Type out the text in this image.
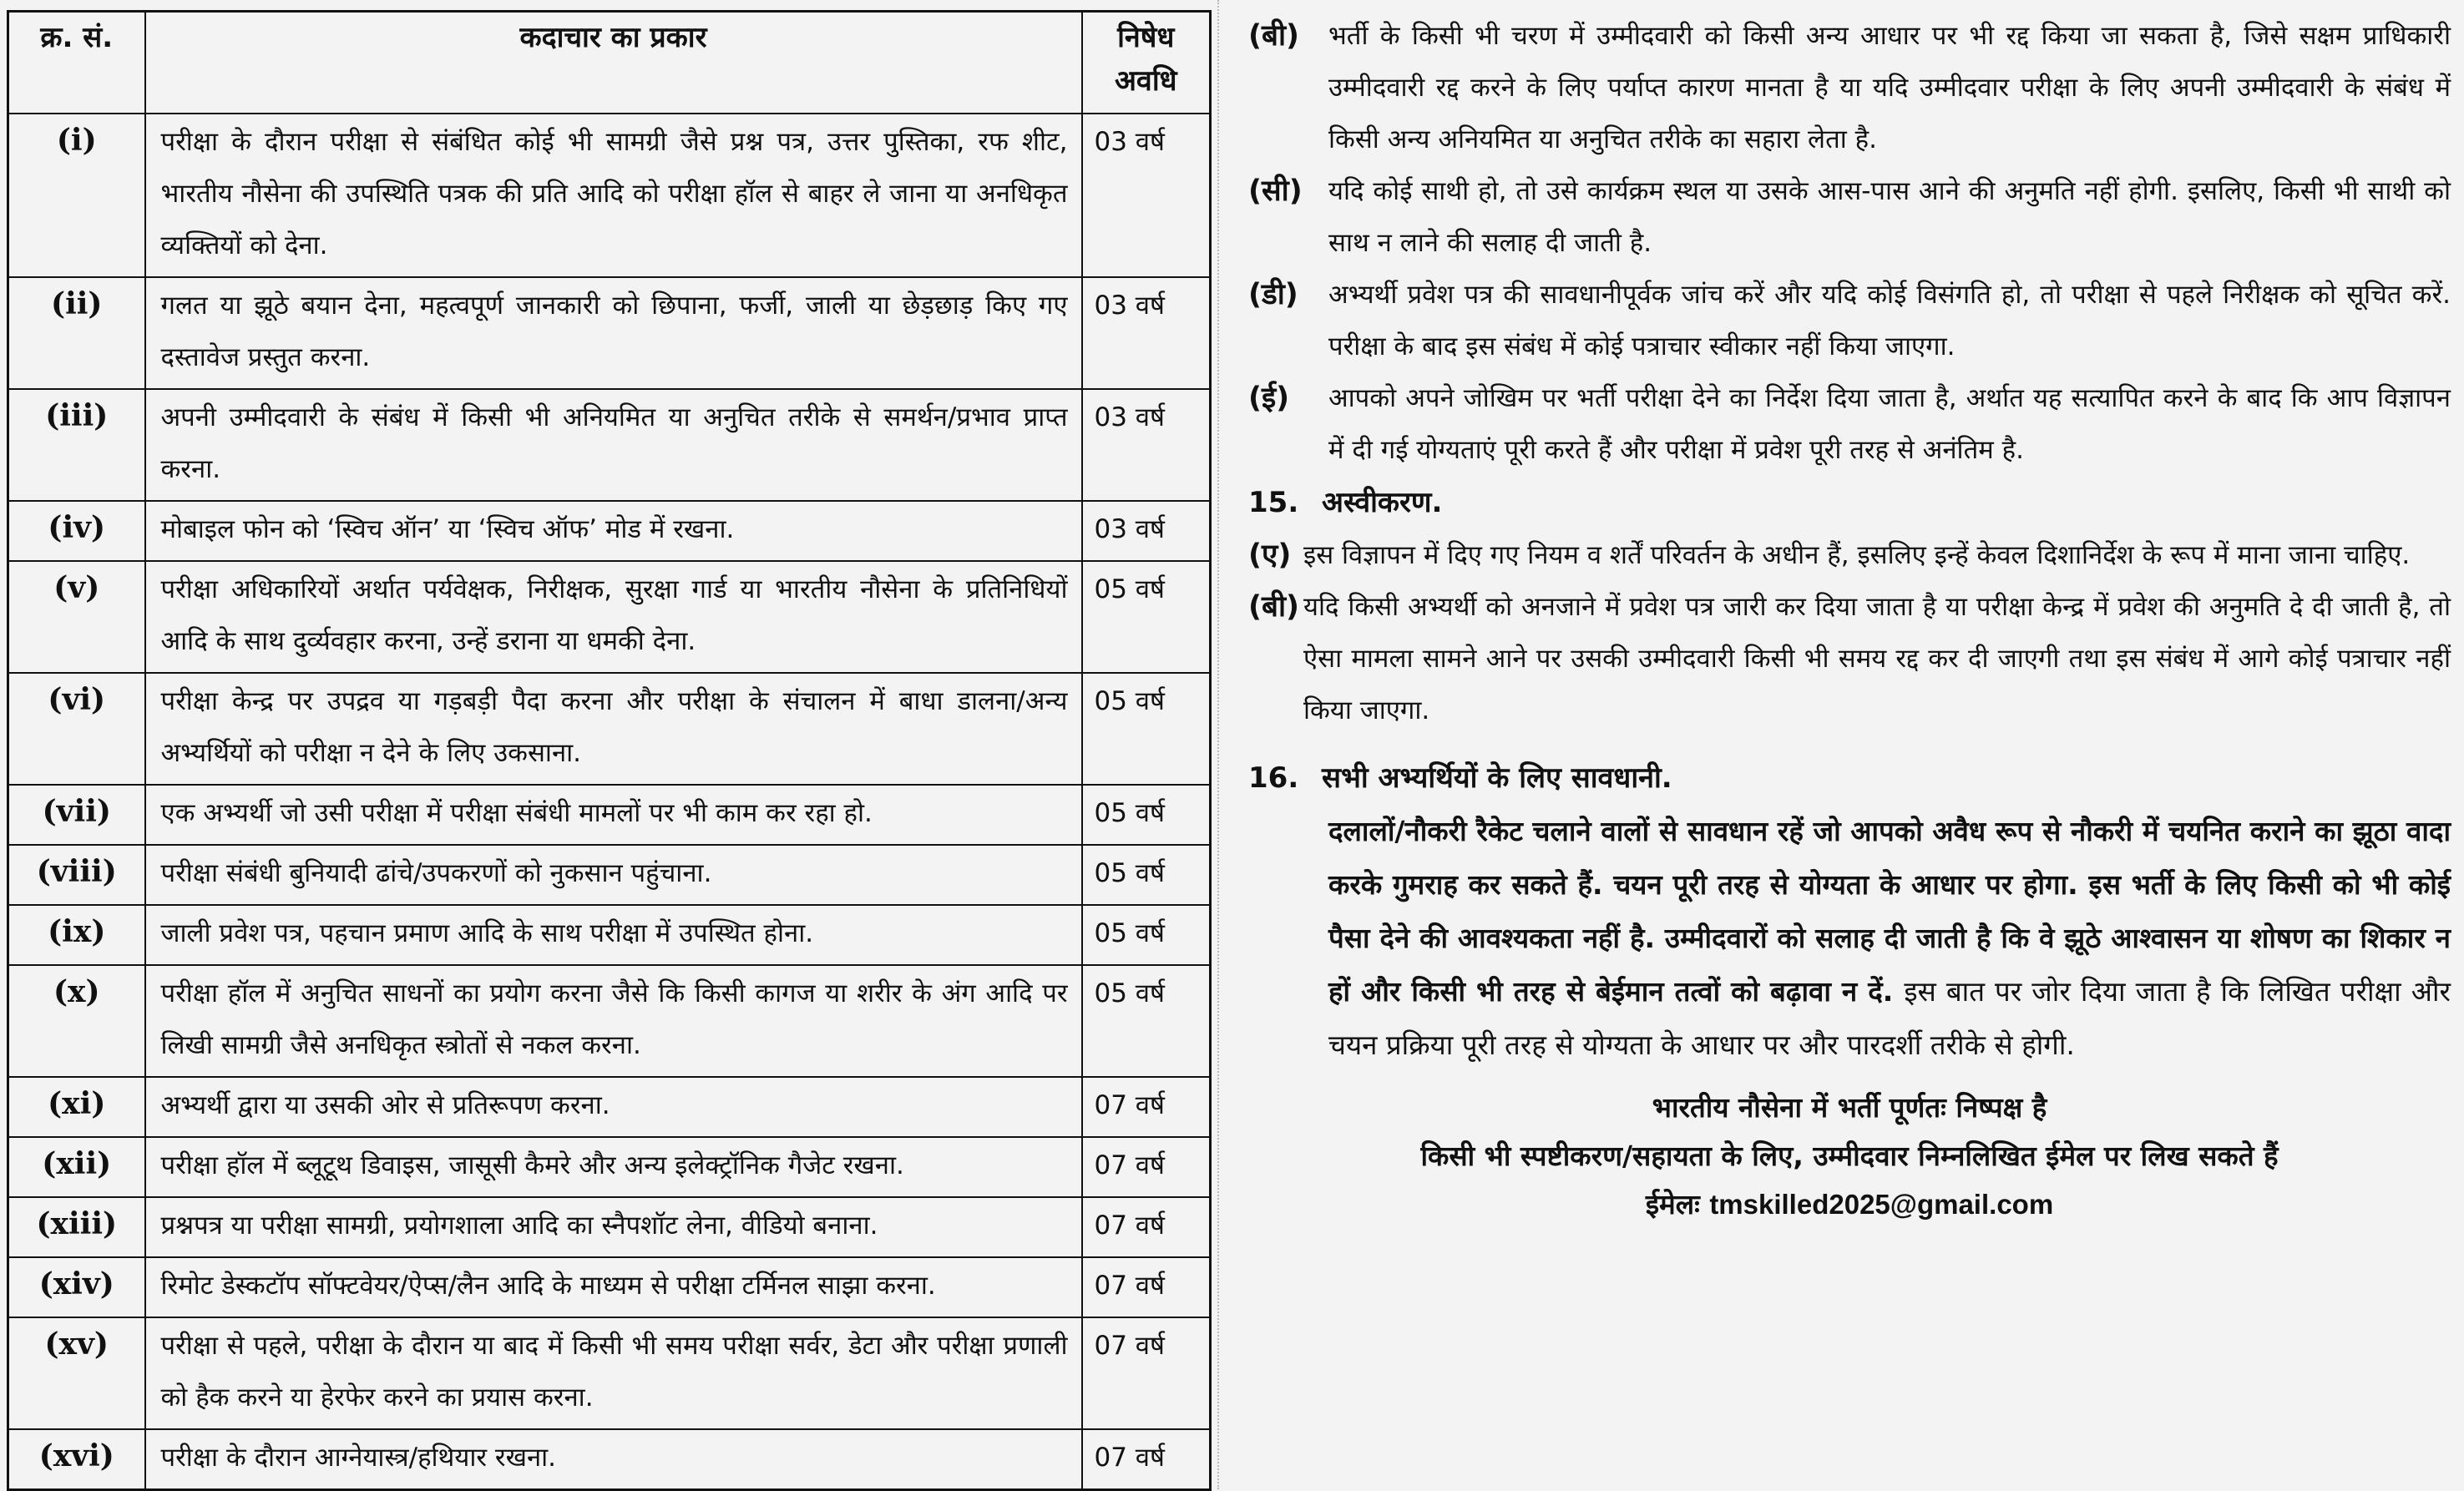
क्र. सं.	कदाचार का प्रकार	निषेध अवधि
(i)	परीक्षा के दौरान परीक्षा से संबंधित कोई भी सामग्री जैसे प्रश्न पत्र, उत्तर पुस्तिका, रफ शीट, भारतीय नौसेना की उपस्थिति पत्रक की प्रति आदि को परीक्षा हॉल से बाहर ले जाना या अनधिकृत व्यक्तियों को देना.	03 वर्ष
(ii)	गलत या झूठे बयान देना, महत्वपूर्ण जानकारी को छिपाना, फर्जी, जाली या छेड़छाड़ किए गए दस्तावेज प्रस्तुत करना.	03 वर्ष
(iii)	अपनी उम्मीदवारी के संबंध में किसी भी अनियमित या अनुचित तरीके से समर्थन/प्रभाव प्राप्त करना.	03 वर्ष
(iv)	मोबाइल फोन को ‘स्विच ऑन’ या ‘स्विच ऑफ’ मोड में रखना.	03 वर्ष
(v)	परीक्षा अधिकारियों अर्थात पर्यवेक्षक, निरीक्षक, सुरक्षा गार्ड या भारतीय नौसेना के प्रतिनिधियों आदि के साथ दुर्व्यवहार करना, उन्हें डराना या धमकी देना.	05 वर्ष
(vi)	परीक्षा केन्द्र पर उपद्रव या गड़बड़ी पैदा करना और परीक्षा के संचालन में बाधा डालना/अन्य अभ्यर्थियों को परीक्षा न देने के लिए उकसाना.	05 वर्ष
(vii)	एक अभ्यर्थी जो उसी परीक्षा में परीक्षा संबंधी मामलों पर भी काम कर रहा हो.	05 वर्ष
(viii)	परीक्षा संबंधी बुनियादी ढांचे/उपकरणों को नुकसान पहुंचाना.	05 वर्ष
(ix)	जाली प्रवेश पत्र, पहचान प्रमाण आदि के साथ परीक्षा में उपस्थित होना.	05 वर्ष
(x)	परीक्षा हॉल में अनुचित साधनों का प्रयोग करना जैसे कि किसी कागज या शरीर के अंग आदि पर लिखी सामग्री जैसे अनधिकृत स्त्रोतों से नकल करना.	05 वर्ष
(xi)	अभ्यर्थी द्वारा या उसकी ओर से प्रतिरूपण करना.	07 वर्ष
(xii)	परीक्षा हॉल में ब्लूटूथ डिवाइस, जासूसी कैमरे और अन्य इलेक्ट्रॉनिक गैजेट रखना.	07 वर्ष
(xiii)	प्रश्नपत्र या परीक्षा सामग्री, प्रयोगशाला आदि का स्नैपशॉट लेना, वीडियो बनाना.	07 वर्ष
(xiv)	रिमोट डेस्कटॉप सॉफ्टवेयर/ऐप्स/लैन आदि के माध्यम से परीक्षा टर्मिनल साझा करना.	07 वर्ष
(xv)	परीक्षा से पहले, परीक्षा के दौरान या बाद में किसी भी समय परीक्षा सर्वर, डेटा और परीक्षा प्रणाली को हैक करने या हेरफेर करने का प्रयास करना.	07 वर्ष
(xvi)	परीक्षा के दौरान आग्नेयास्त्र/हथियार रखना.	07 वर्ष
(बी) भर्ती के किसी भी चरण में उम्मीदवारी को किसी अन्य आधार पर भी रद्द किया जा सकता है, जिसे सक्षम प्राधिकारी उम्मीदवारी रद्द करने के लिए पर्याप्त कारण मानता है या यदि उम्मीदवार परीक्षा के लिए अपनी उम्मीदवारी के संबंध में किसी अन्य अनियमित या अनुचित तरीके का सहारा लेता है.
(सी) यदि कोई साथी हो, तो उसे कार्यक्रम स्थल या उसके आस-पास आने की अनुमति नहीं होगी. इसलिए, किसी भी साथी को साथ न लाने की सलाह दी जाती है.
(डी) अभ्यर्थी प्रवेश पत्र की सावधानीपूर्वक जांच करें और यदि कोई विसंगति हो, तो परीक्षा से पहले निरीक्षक को सूचित करें. परीक्षा के बाद इस संबंध में कोई पत्राचार स्वीकार नहीं किया जाएगा.
(ई) आपको अपने जोखिम पर भर्ती परीक्षा देने का निर्देश दिया जाता है, अर्थात यह सत्यापित करने के बाद कि आप विज्ञापन में दी गई योग्यताएं पूरी करते हैं और परीक्षा में प्रवेश पूरी तरह से अनंतिम है.
15. अस्वीकरण.
(ए) इस विज्ञापन में दिए गए नियम व शर्तें परिवर्तन के अधीन हैं, इसलिए इन्हें केवल दिशानिर्देश के रूप में माना जाना चाहिए.
(बी) यदि किसी अभ्यर्थी को अनजाने में प्रवेश पत्र जारी कर दिया जाता है या परीक्षा केन्द्र में प्रवेश की अनुमति दे दी जाती है, तो ऐसा मामला सामने आने पर उसकी उम्मीदवारी किसी भी समय रद्द कर दी जाएगी तथा इस संबंध में आगे कोई पत्राचार नहीं किया जाएगा.
16. सभी अभ्यर्थियों के लिए सावधानी.
दलालों/नौकरी रैकेट चलाने वालों से सावधान रहें जो आपको अवैध रूप से नौकरी में चयनित कराने का झूठा वादा करके गुमराह कर सकते हैं. चयन पूरी तरह से योग्यता के आधार पर होगा. इस भर्ती के लिए किसी को भी कोई पैसा देने की आवश्यकता नहीं है. उम्मीदवारों को सलाह दी जाती है कि वे झूठे आश्वासन या शोषण का शिकार न हों और किसी भी तरह से बेईमान तत्वों को बढ़ावा न दें. इस बात पर जोर दिया जाता है कि लिखित परीक्षा और चयन प्रक्रिया पूरी तरह से योग्यता के आधार पर और पारदर्शी तरीके से होगी.
भारतीय नौसेना में भर्ती पूर्णतः निष्पक्ष है
किसी भी स्पष्टीकरण/सहायता के लिए, उम्मीदवार निम्नलिखित ईमेल पर लिख सकते हैं
ईमेलः tmskilled2025@gmail.com
